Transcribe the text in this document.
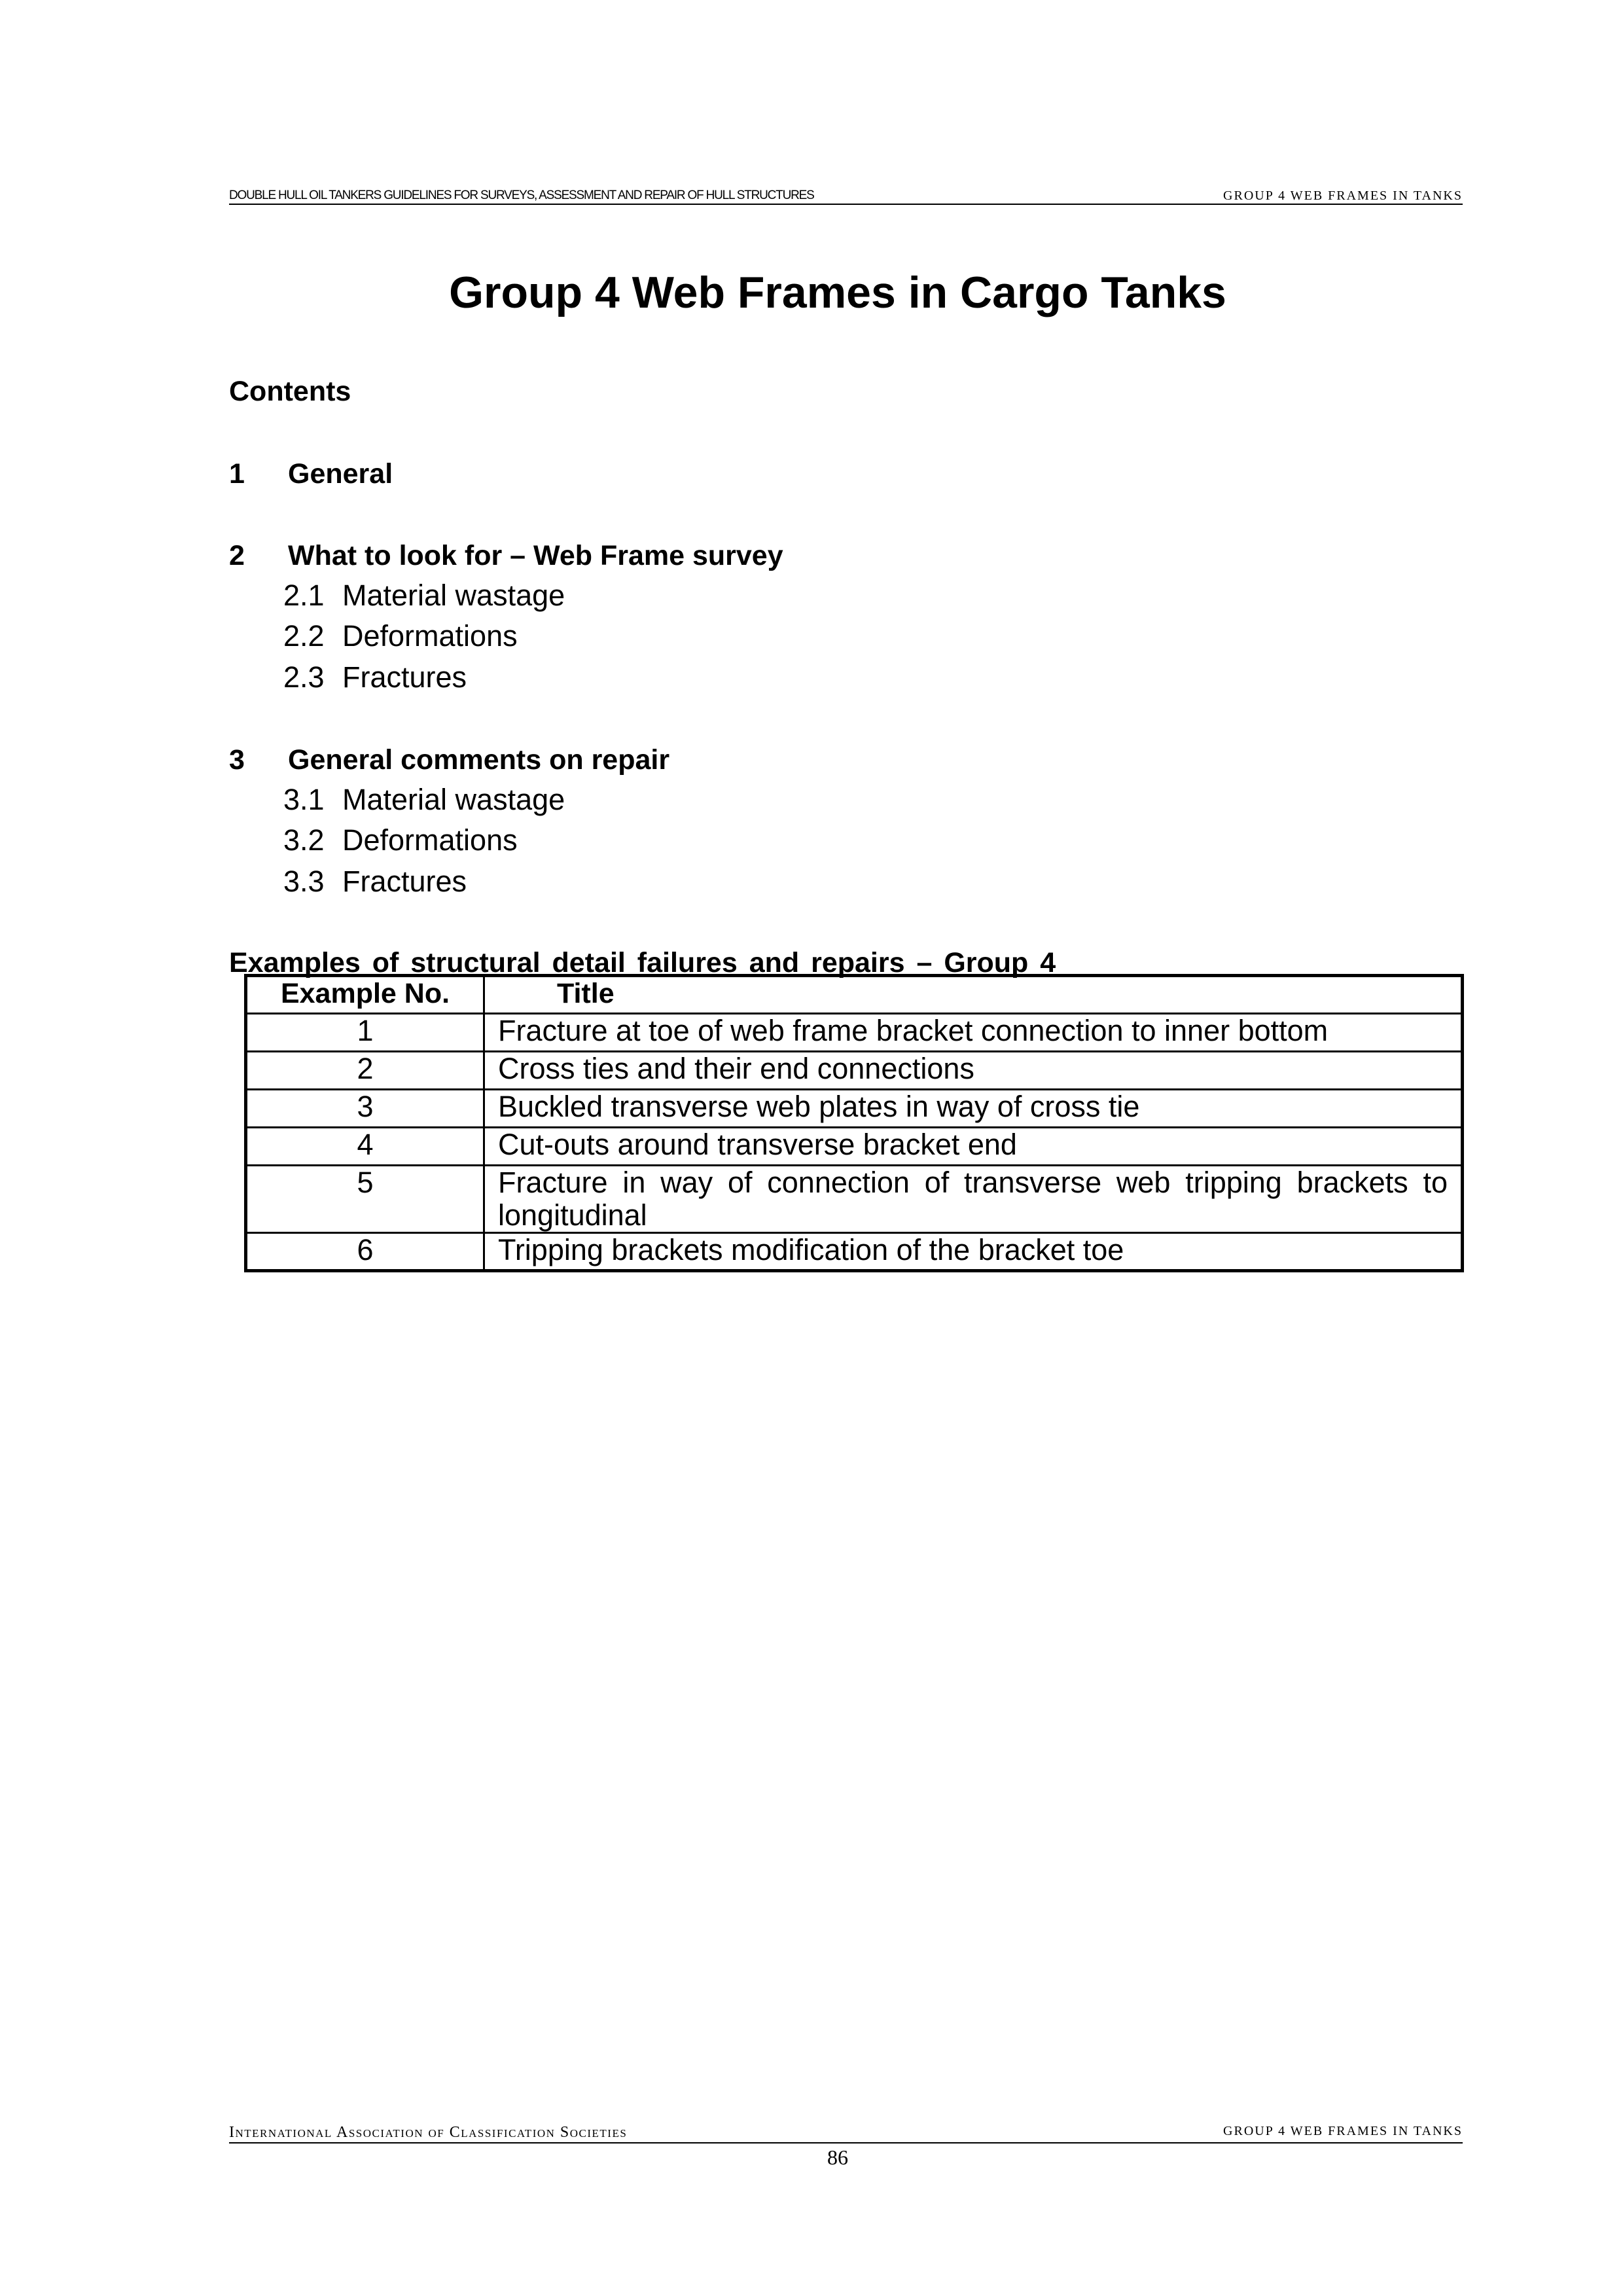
DOUBLE HULL OIL TANKERS GUIDELINES FOR SURVEYS, ASSESSMENT AND REPAIR OF HULL STRUCTURES	GROUP 4 WEB FRAMES IN TANKS
Group 4 Web Frames in Cargo Tanks
Contents
1 General
2 What to look for – Web Frame survey
2.1 Material wastage
2.2 Deformations
2.3 Fractures
3 General comments on repair
3.1 Material wastage
3.2 Deformations
3.3 Fractures
Examples of structural detail failures and repairs – Group 4
Example No.	Title
1	Fracture at toe of web frame bracket connection to inner bottom
2	Cross ties and their end connections
3	Buckled transverse web plates in way of cross tie
4	Cut-outs around transverse bracket end
5	Fracture in way of connection of transverse web tripping brackets to longitudinal
6	Tripping brackets modification of the bracket toe
International Association of Classification Societies	GROUP 4 WEB FRAMES IN TANKS
86
